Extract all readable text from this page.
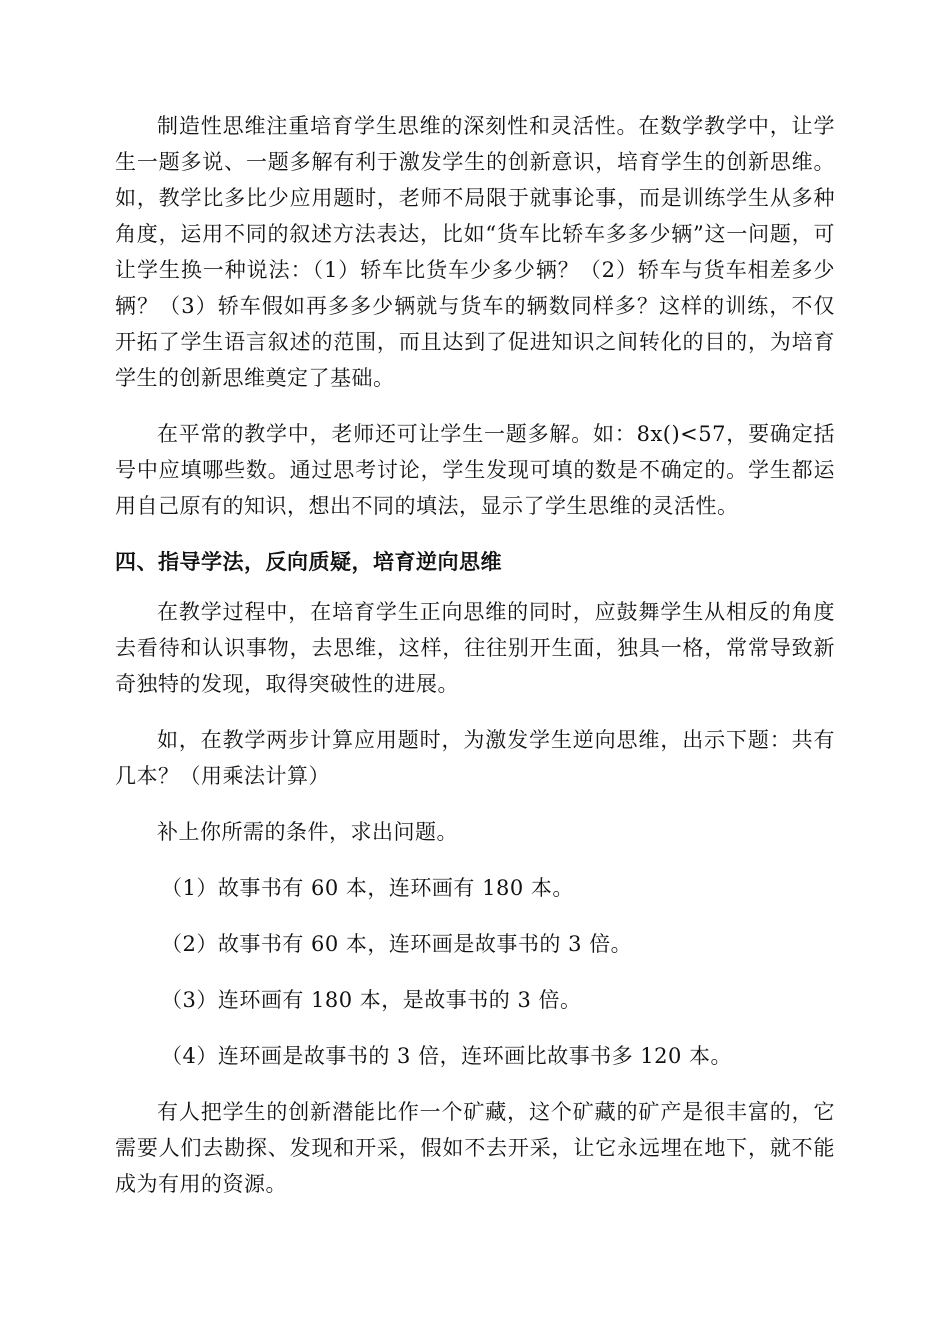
制造性思维注重培育学生思维的深刻性和灵活性。在数学教学中，让学生一题多说、一题多解有利于激发学生的创新意识，培育学生的创新思维。如，教学比多比少应用题时，老师不局限于就事论事，而是训练学生从多种角度，运用不同的叙述方法表达，比如“货车比轿车多多少辆”这一问题，可让学生换一种说法：（1）轿车比货车少多少辆？（2）轿车与货车相差多少辆？（3）轿车假如再多多少辆就与货车的辆数同样多？这样的训练，不仅开拓了学生语言叙述的范围，而且达到了促进知识之间转化的目的，为培育学生的创新思维奠定了基础。

在平常的教学中，老师还可让学生一题多解。如：8x()<57，要确定括号中应填哪些数。通过思考讨论，学生发现可填的数是不确定的。学生都运用自己原有的知识，想出不同的填法，显示了学生思维的灵活性。

四、指导学法，反向质疑，培育逆向思维

在教学过程中，在培育学生正向思维的同时，应鼓舞学生从相反的角度去看待和认识事物，去思维，这样，往往别开生面，独具一格，常常导致新奇独特的发现，取得突破性的进展。

如，在教学两步计算应用题时，为激发学生逆向思维，出示下题：共有几本？（用乘法计算）

补上你所需的条件，求出问题。

（1）故事书有 60 本，连环画有 180 本。

（2）故事书有 60 本，连环画是故事书的 3 倍。

（3）连环画有 180 本，是故事书的 3 倍。

（4）连环画是故事书的 3 倍，连环画比故事书多 120 本。

有人把学生的创新潜能比作一个矿藏，这个矿藏的矿产是很丰富的，它需要人们去勘探、发现和开采，假如不去开采，让它永远埋在地下，就不能成为有用的资源。
